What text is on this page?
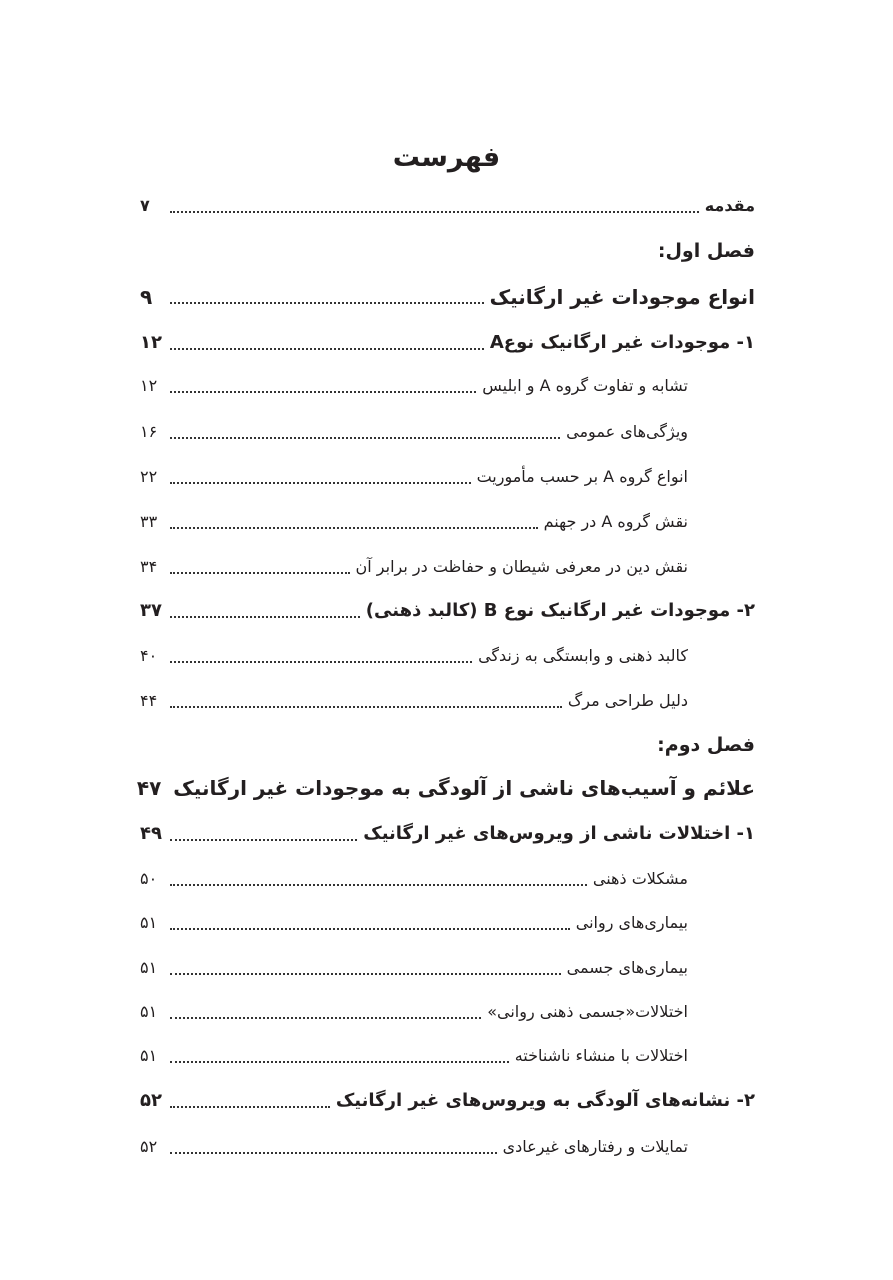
فهرست
مقدمه
۷
فصل اول:
انواع موجودات غیر ارگانیک
۹
۱- موجودات غیر ارگانیک نوعA
۱۲
تشابه و تفاوت گروه A و ابلیس
۱۲
ویژگی‌های عمومی
۱۶
انواع گروه A بر حسب مأموریت
۲۲
نقش گروه A در جهنم
۳۳
نقش دین در معرفی شیطان و حفاظت در برابر آن
۳۴
۲- موجودات غیر ارگانیک نوع B (کالبد ذهنی)
۳۷
کالبد ذهنی و وابستگی به زندگی
۴۰
دلیل طراحی مرگ
۴۴
فصل دوم:
علائم و آسیب‌های ناشی از آلودگی به موجودات غیر ارگانیک
۴۷
۱- اختلالات ناشی از ویروس‌های غیر ارگانیک
۴۹
مشکلات ذهنی
۵۰
بیماری‌های روانی
۵۱
بیماری‌های جسمی
۵۱
اختلالات«جسمی ذهنی روانی»
۵۱
اختلالات با منشاء ناشناخته
۵۱
۲- نشانه‌های آلودگی به ویروس‌های غیر ارگانیک
۵۲
تمایلات و رفتارهای غیرعادی
۵۲
